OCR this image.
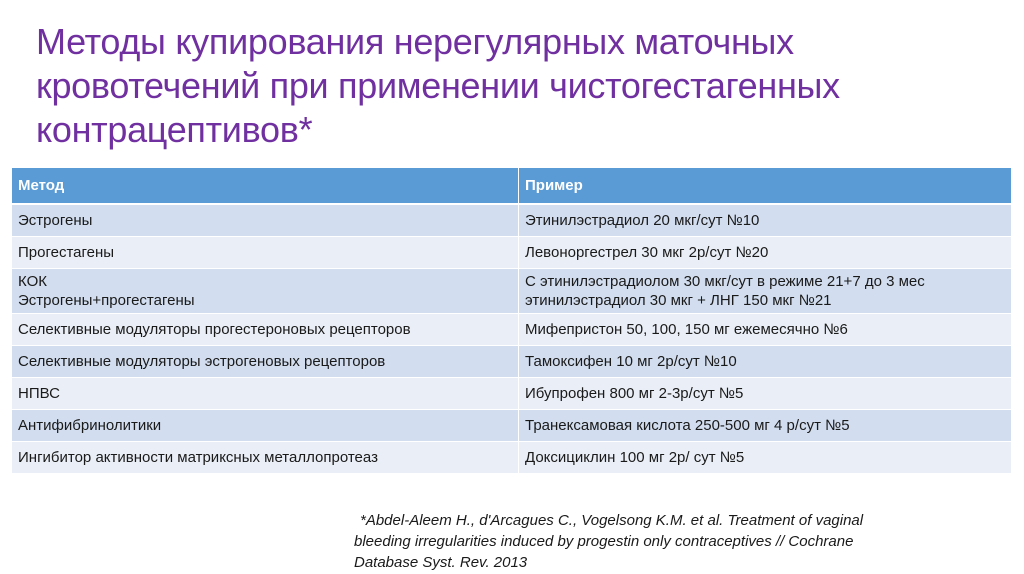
Методы купирования нерегулярных маточных
кровотечений при применении чистогестагенных
контрацептивов*
Метод	Пример

Эстрогены	Этинилэстрадиол 20 мкг/сут №10

Прогестагены	Левоноргестрел 30 мкг 2р/сут №20

КОК
Эстрогены+прогестагены	С этинилэстрадиолом 30 мкг/сут в режиме 21+7 до 3 мес
этинилэстрадиол 30 мкг + ЛНГ 150 мкг №21

Селективные модуляторы прогестероновых рецепторов	Мифепристон 50, 100, 150 мг ежемесячно №6

Селективные модуляторы эстрогеновых рецепторов	Тамоксифен 10 мг 2р/сут №10

НПВС	Ибупрофен 800 мг 2-3р/сут №5

Антифибринолитики	Транексамовая кислота 250-500 мг 4 р/сут №5

Ингибитор активности матриксных металлопротеаз	Доксициклин 100 мг 2р/ сут №5

*Abdel-Aleem H., d'Arcagues C., Vogelsong K.M. et al. Treatment of vaginal
bleeding irregularities induced by progestin only contraceptives // Cochrane
Database Syst. Rev. 2013
